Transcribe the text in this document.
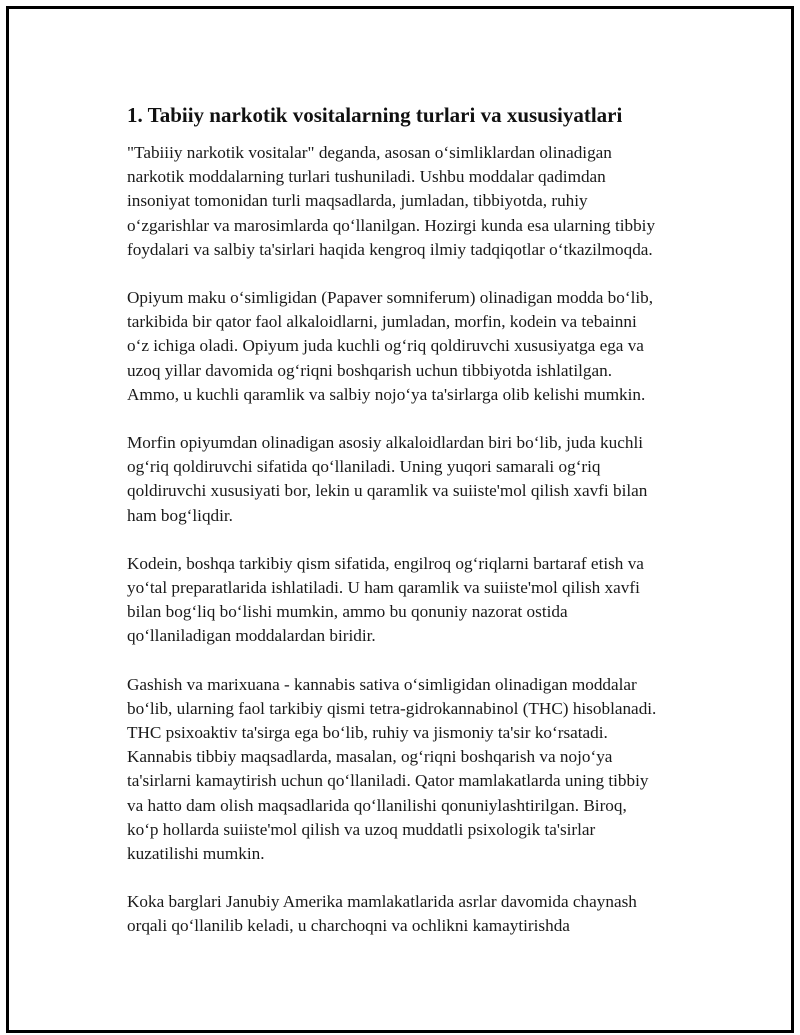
1. Tabiiy narkotik vositalarning turlari va xususiyatlari
"Tabiiiy narkotik vositalar" deganda, asosan o‘simliklardan olinadigan
narkotik moddalarning turlari tushuniladi. Ushbu moddalar qadimdan
insoniyat tomonidan turli maqsadlarda, jumladan, tibbiyotda, ruhiy
o‘zgarishlar va marosimlarda qo‘llanilgan. Hozirgi kunda esa ularning tibbiy
foydalari va salbiy ta'sirlari haqida kengroq ilmiy tadqiqotlar o‘tkazilmoqda.
Opiyum maku o‘simligidan (Papaver somniferum) olinadigan modda bo‘lib,
tarkibida bir qator faol alkaloidlarni, jumladan, morfin, kodein va tebainni
o‘z ichiga oladi. Opiyum juda kuchli og‘riq qoldiruvchi xususiyatga ega va
uzoq yillar davomida og‘riqni boshqarish uchun tibbiyotda ishlatilgan.
Ammo, u kuchli qaramlik va salbiy nojo‘ya ta'sirlarga olib kelishi mumkin.
Morfin opiyumdan olinadigan asosiy alkaloidlardan biri bo‘lib, juda kuchli
og‘riq qoldiruvchi sifatida qo‘llaniladi. Uning yuqori samarali og‘riq
qoldiruvchi xususiyati bor, lekin u qaramlik va suiiste'mol qilish xavfi bilan
ham bog‘liqdir.
Kodein, boshqa tarkibiy qism sifatida, engilroq og‘riqlarni bartaraf etish va
yo‘tal preparatlarida ishlatiladi. U ham qaramlik va suiiste'mol qilish xavfi
bilan bog‘liq bo‘lishi mumkin, ammo bu qonuniy nazorat ostida
qo‘llaniladigan moddalardan biridir.
Gashish va marixuana - kannabis sativa o‘simligidan olinadigan moddalar
bo‘lib, ularning faol tarkibiy qismi tetra-gidrokannabinol (THC) hisoblanadi.
THC psixoaktiv ta'sirga ega bo‘lib, ruhiy va jismoniy ta'sir ko‘rsatadi.
Kannabis tibbiy maqsadlarda, masalan, og‘riqni boshqarish va nojo‘ya
ta'sirlarni kamaytirish uchun qo‘llaniladi. Qator mamlakatlarda uning tibbiy
va hatto dam olish maqsadlarida qo‘llanilishi qonuniylashtirilgan. Biroq,
ko‘p hollarda suiiste'mol qilish va uzoq muddatli psixologik ta'sirlar
kuzatilishi mumkin.
Koka barglari Janubiy Amerika mamlakatlarida asrlar davomida chaynash
orqali qo‘llanilib keladi, u charchoqni va ochlikni kamaytirishda
